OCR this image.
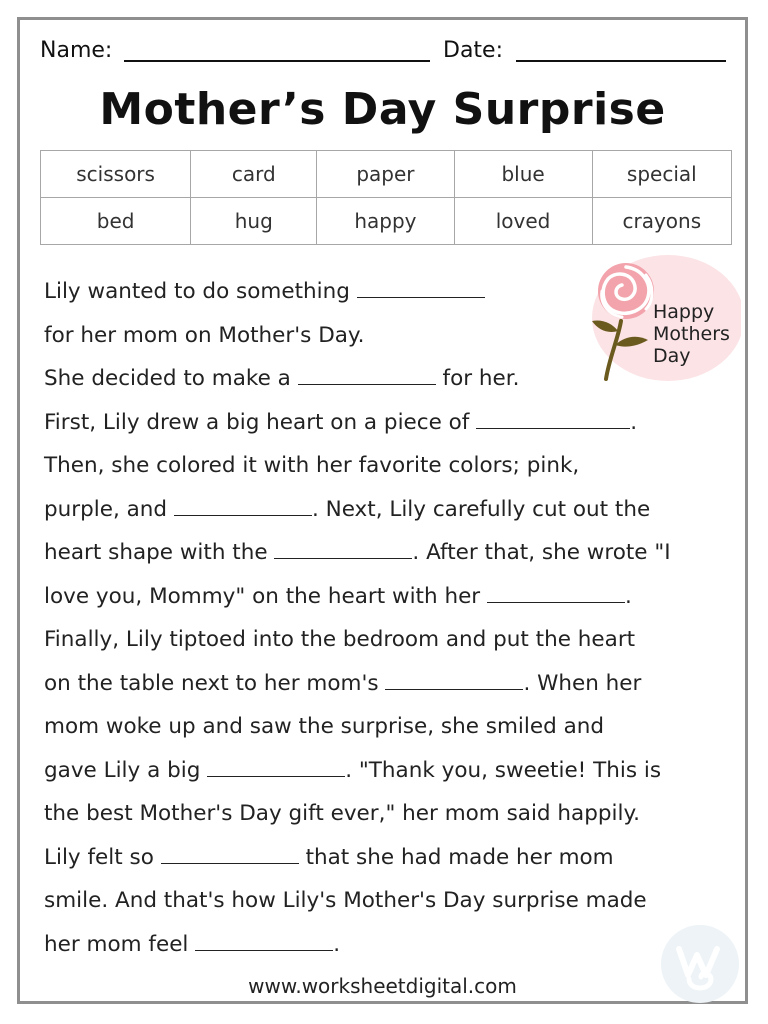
Name:	Date:
Mother’s Day Surprise
scissors	card	paper	blue	special
bed	hug	happy	loved	crayons
Happy
Mothers
Day
Lily wanted to do something
for her mom on Mother's Day.
She decided to make a	for her.
First, Lily drew a big heart on a piece of	.
Then, she colored it with her favorite colors; pink,
purple, and	. Next, Lily carefully cut out the
heart shape with the	. After that, she wrote "I
love you, Mommy" on the heart with her	.
Finally, Lily tiptoed into the bedroom and put the heart
on the table next to her mom's	. When her
mom woke up and saw the surprise, she smiled and
gave Lily a big	. "Thank you, sweetie! This is
the best Mother's Day gift ever," her mom said happily.
Lily felt so	that she had made her mom
smile. And that's how Lily's Mother's Day surprise made
her mom feel	.
www.worksheetdigital.com
